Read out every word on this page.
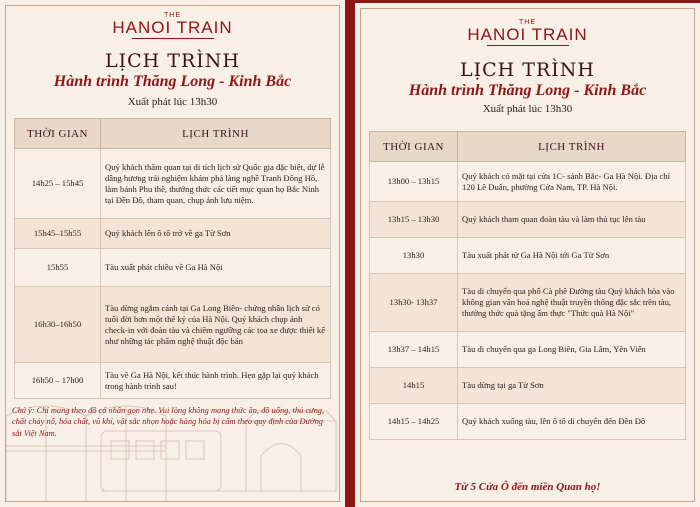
THE
HANOI TRAIN
LỊCH TRÌNH
Hành trình Thăng Long - Kinh Bắc
Xuất phát lúc 13h30
THỜI GIAN	LỊCH TRÌNH
14h25 – 15h45	Quý khách thăm quan tại di tích lịch sử Quốc gia đặc biệt, dự lễ dâng hương trải nghiệm khám phá làng nghề Tranh Đông Hồ, làm bánh Phu thê, thưởng thức các tiết mục quan họ Bắc Ninh tại Đền Đô, tham quan, chụp ảnh lưu niệm.
15h45–15h55	Quý khách lên ô tô trở về ga Từ Sơn
15h55	Tàu xuất phát chiều về Ga Hà Nội
16h30–16h50	Tàu dừng ngắm cảnh tại Ga Long Biên- chứng nhân lịch sử có tuổi đời hơn một thế kỷ của Hà Nội. Quý khách chụp ảnh check-in với đoàn tàu và chiêm ngưỡng các toa xe được thiết kế như những tác phẩm nghệ thuật độc bản
16h50 – 17h00	Tàu về Ga Hà Nội, kết thúc hành trình. Hẹn gặp lại quý khách trong hành trình sau!
Chú ý: Chỉ mang theo đồ cá nhân gọn nhẹ. Vui lòng không mang thức ăn, đồ uống, thú cưng, chất cháy nổ, hóa chất, vũ khí, vật sắc nhọn hoặc hàng hóa bị cấm theo quy định của Đường sắt Việt Nam.
THE
HANOI TRAIN
LỊCH TRÌNH
Hành trình Thăng Long - Kinh Bắc
Xuất phát lúc 13h30
THỜI GIAN	LỊCH TRÌNH
13h00 – 13h15	Quý khách có mặt tại cửa 1C- sảnh Bắc- Ga Hà Nội. Địa chỉ 120 Lê Duẩn, phường Cửa Nam, TP. Hà Nội.
13h15 – 13h30	Quý khách tham quan đoàn tàu và làm thủ tục lên tàu
13h30	Tàu xuất phát từ Ga Hà Nội tới Ga Từ Sơn
13h30- 13h37	Tàu di chuyển qua phố Cà phê Đường tàu Quý khách hòa vào không gian văn hoá nghệ thuật truyền thống đặc sắc trên tàu, thưởng thức quà tặng ẩm thực "Thức quà Hà Nội"
13h37 – 14h15	Tàu di chuyển qua ga Long Biên, Gia Lâm, Yên Viên
14h15	Tàu dừng tại ga Từ Sơn
14h15 – 14h25	Quý khách xuống tàu, lên ô tô di chuyển đến Đền Đô
Từ 5 Cửa Ô đến miền Quan họ!
